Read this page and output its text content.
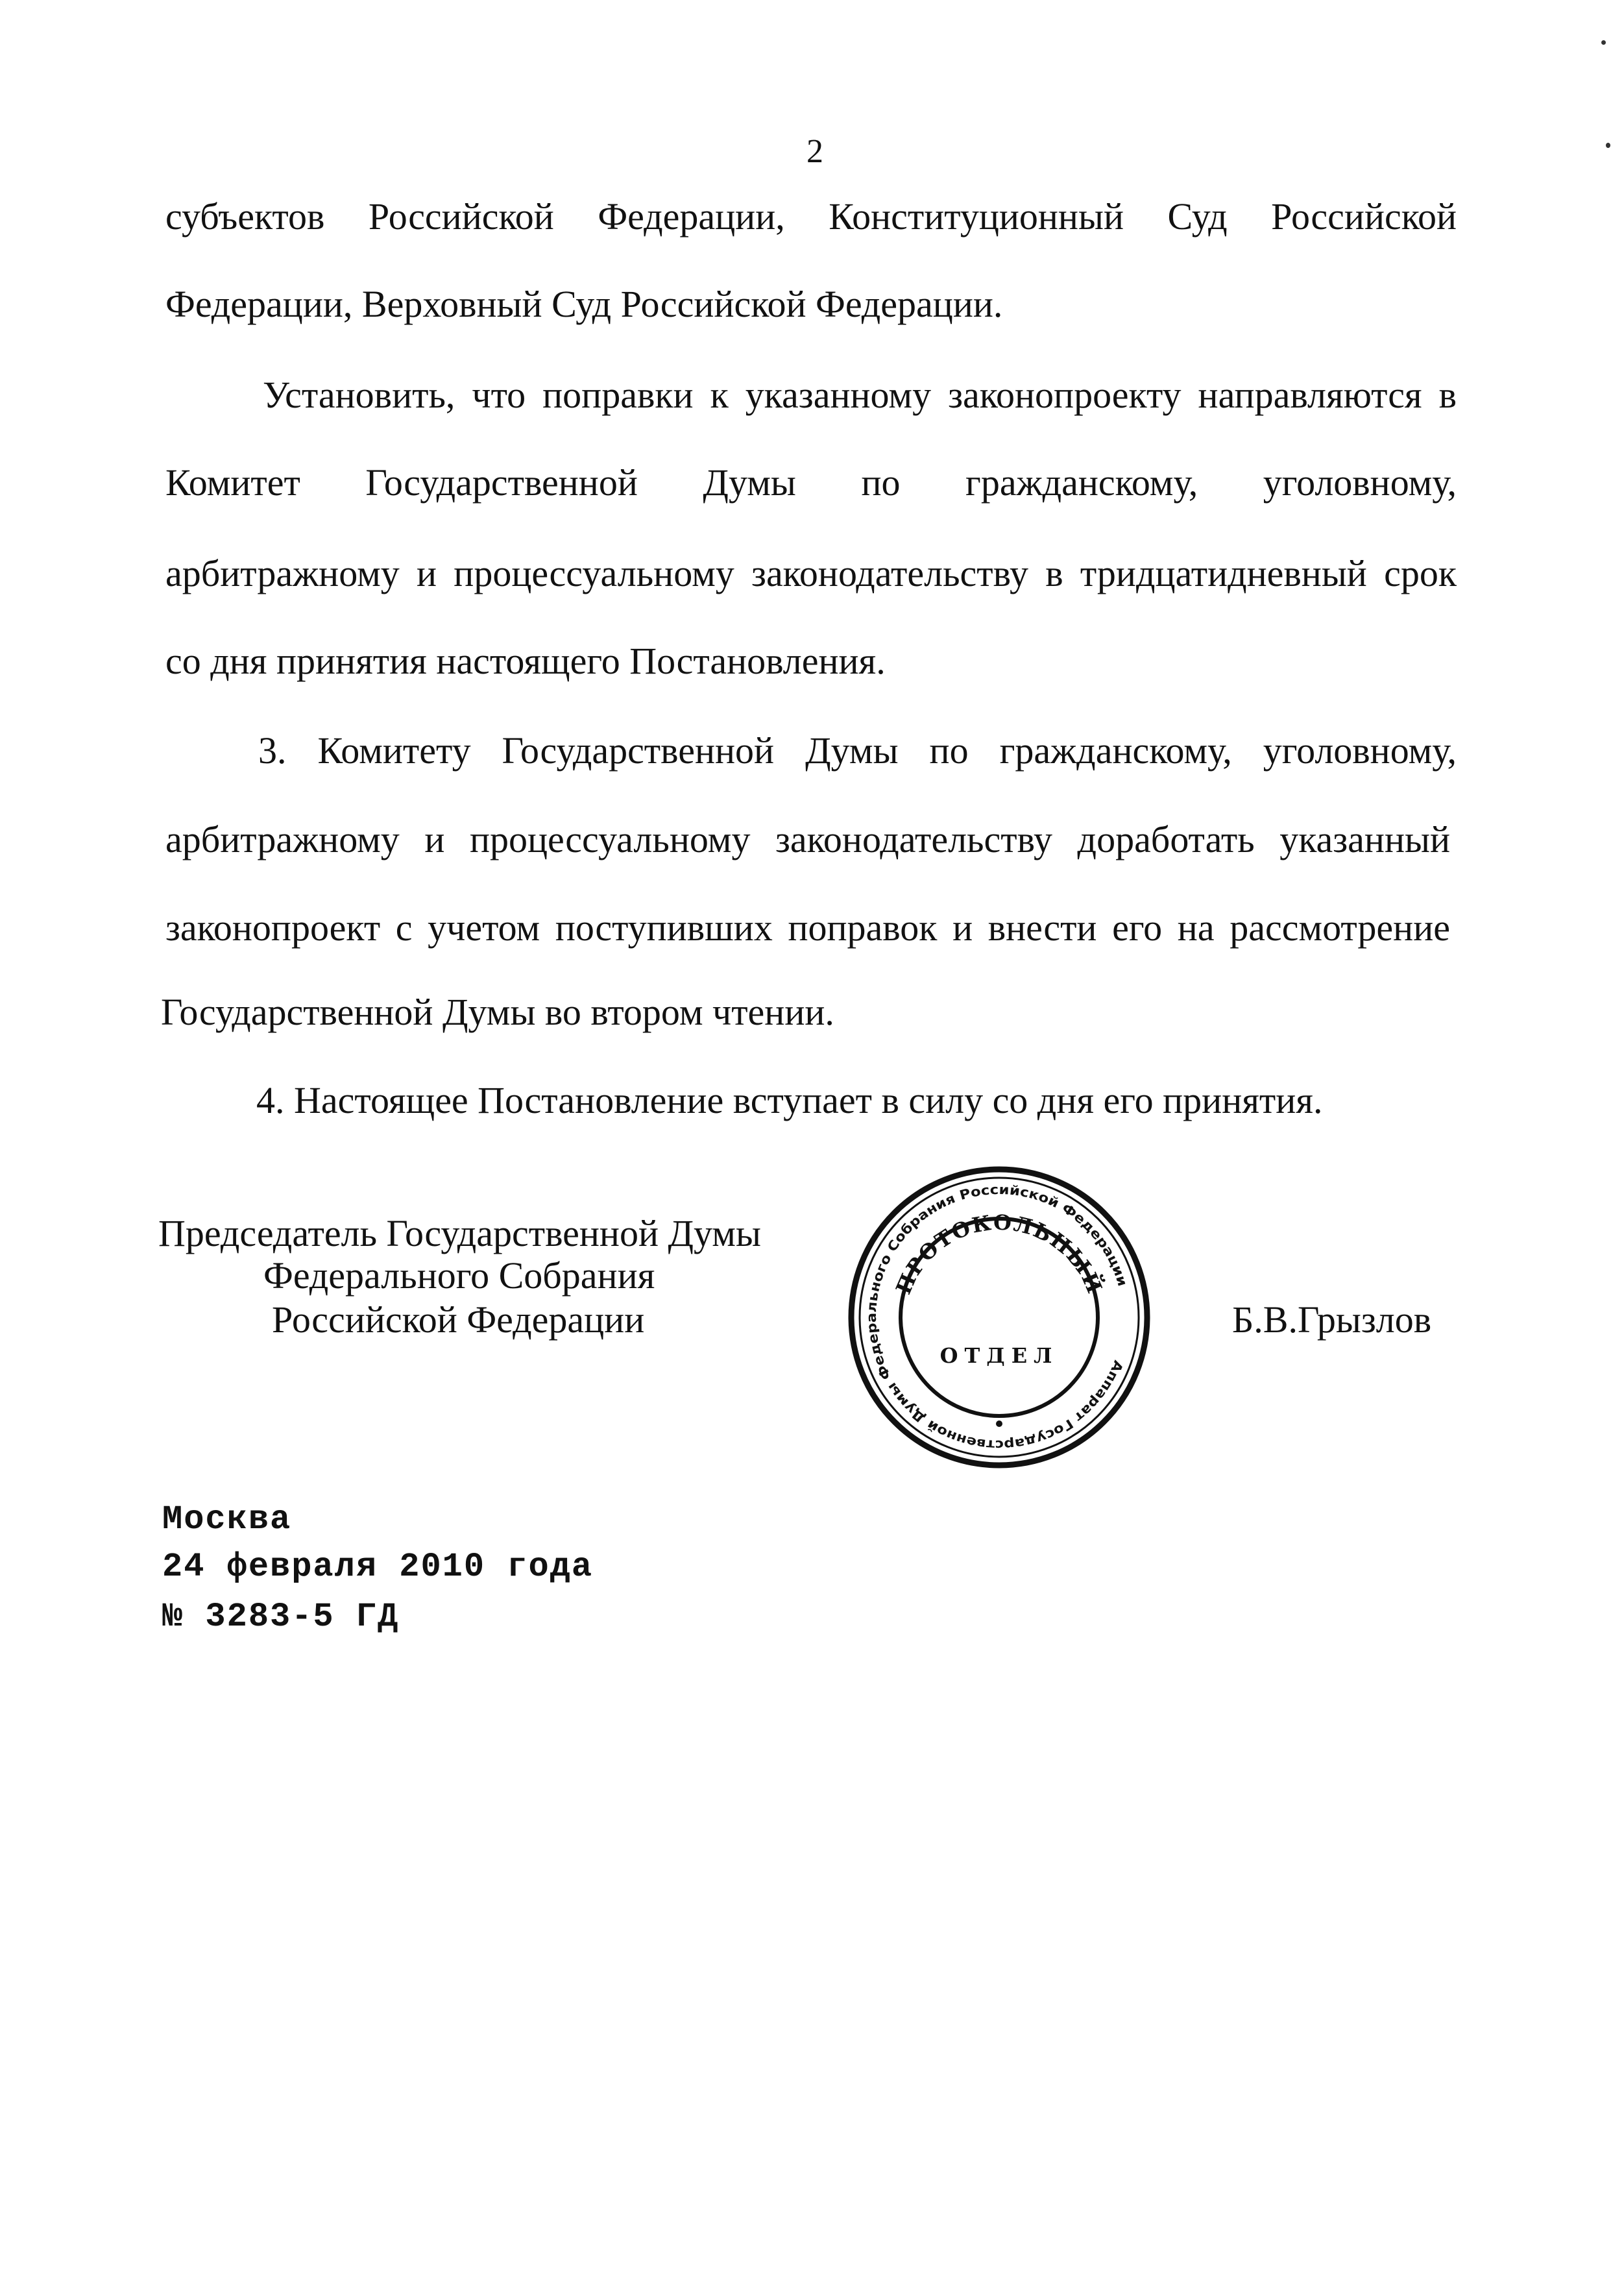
2
субъектов Российской Федерации, Конституционный Суд Российской
Федерации, Верховный Суд Российской Федерации.
Установить, что поправки к указанному законопроекту направляются в
Комитет Государственной Думы по гражданскому, уголовному,
арбитражному и процессуальному законодательству в тридцатидневный срок
со дня принятия настоящего Постановления.
3. Комитету Государственной Думы по гражданскому, уголовному,
арбитражному и процессуальному законодательству доработать указанный
законопроект с учетом поступивших поправок и внести его на рассмотрение
Государственной Думы во втором чтении.
4. Настоящее Постановление вступает в силу со дня его принятия.
Председатель Государственной Думы
Федерального Собрания
Российской Федерации	Б.В.Грызлов
Аппарат Государственной Думы Федерального Собрания Российской Федерации
ПРОТОКОЛЬНЫЙ
ОТДЕЛ
Москва
24 февраля 2010 года
№ 3283-5 ГД
